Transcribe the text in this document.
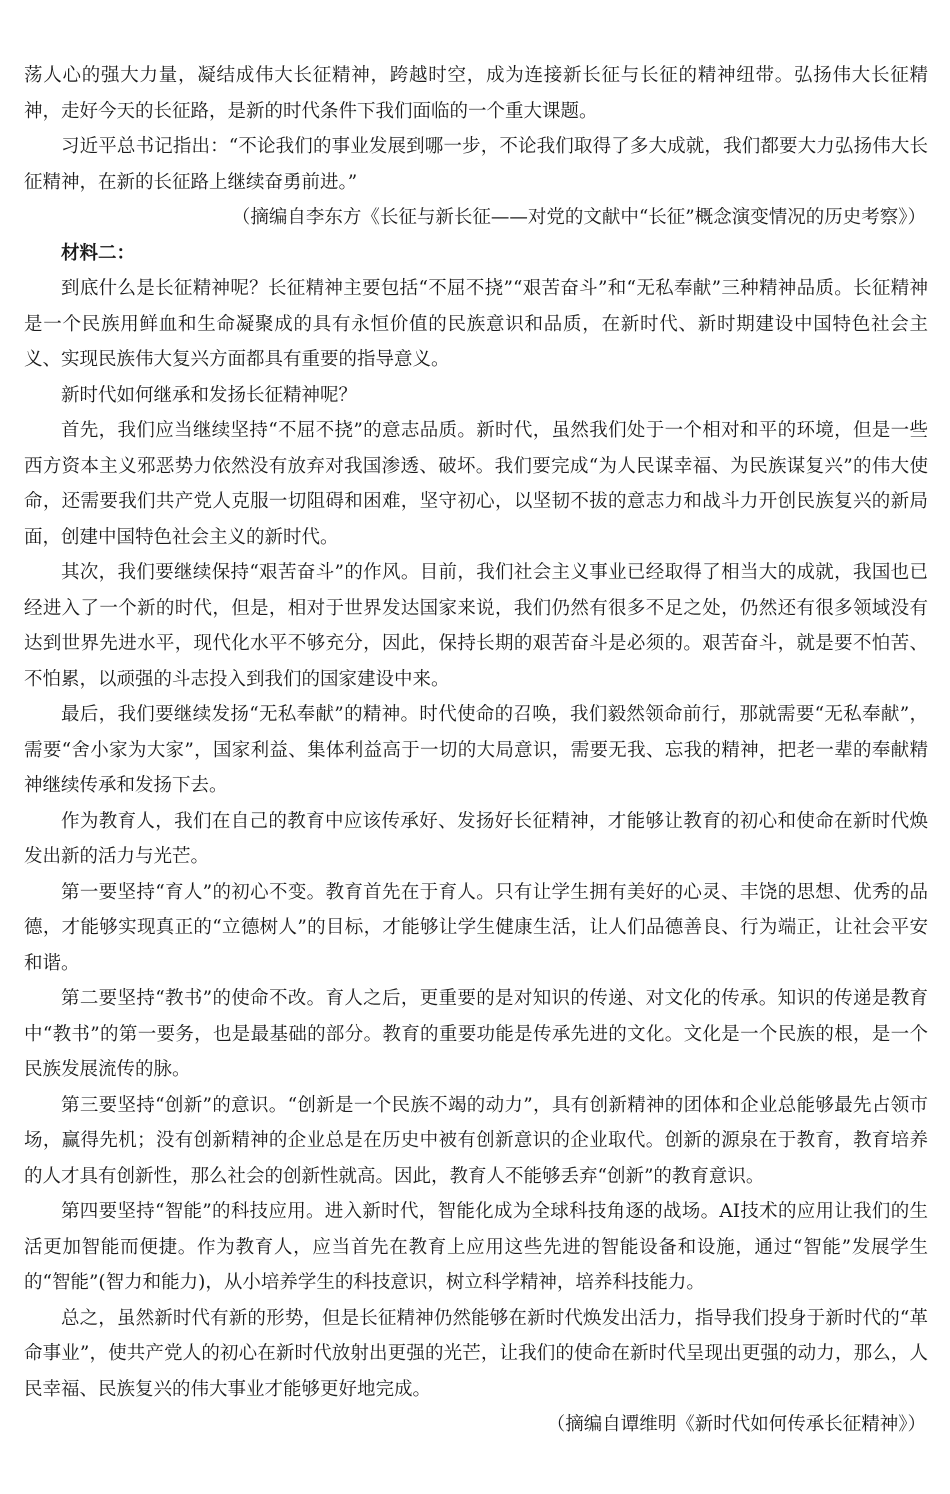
荡人心的强大力量，凝结成伟大长征精神，跨越时空，成为连接新长征与长征的精神纽带。弘扬伟大长征精神，走好今天的长征路，是新的时代条件下我们面临的一个重大课题。

习近平总书记指出：“不论我们的事业发展到哪一步，不论我们取得了多大成就，我们都要大力弘扬伟大长征精神，在新的长征路上继续奋勇前进。”

（摘编自李东方《长征与新长征——对党的文献中“长征”概念演变情况的历史考察》）

材料二：

到底什么是长征精神呢？长征精神主要包括“不屈不挠”“艰苦奋斗”和“无私奉献”三种精神品质。长征精神是一个民族用鲜血和生命凝聚成的具有永恒价值的民族意识和品质，在新时代、新时期建设中国特色社会主义、实现民族伟大复兴方面都具有重要的指导意义。

新时代如何继承和发扬长征精神呢？

首先，我们应当继续坚持“不屈不挠”的意志品质。新时代，虽然我们处于一个相对和平的环境，但是一些西方资本主义邪恶势力依然没有放弃对我国渗透、破坏。我们要完成“为人民谋幸福、为民族谋复兴”的伟大使命，还需要我们共产党人克服一切阻碍和困难，坚守初心，以坚韧不拔的意志力和战斗力开创民族复兴的新局面，创建中国特色社会主义的新时代。

其次，我们要继续保持“艰苦奋斗”的作风。目前，我们社会主义事业已经取得了相当大的成就，我国也已经进入了一个新的时代，但是，相对于世界发达国家来说，我们仍然有很多不足之处，仍然还有很多领域没有达到世界先进水平，现代化水平不够充分，因此，保持长期的艰苦奋斗是必须的。艰苦奋斗，就是要不怕苦、不怕累，以顽强的斗志投入到我们的国家建设中来。

最后，我们要继续发扬“无私奉献”的精神。时代使命的召唤，我们毅然领命前行，那就需要“无私奉献”，需要“舍小家为大家”，国家利益、集体利益高于一切的大局意识，需要无我、忘我的精神，把老一辈的奉献精神继续传承和发扬下去。

作为教育人，我们在自己的教育中应该传承好、发扬好长征精神，才能够让教育的初心和使命在新时代焕发出新的活力与光芒。

第一要坚持“育人”的初心不变。教育首先在于育人。只有让学生拥有美好的心灵、丰饶的思想、优秀的品德，才能够实现真正的“立德树人”的目标，才能够让学生健康生活，让人们品德善良、行为端正，让社会平安和谐。

第二要坚持“教书”的使命不改。育人之后，更重要的是对知识的传递、对文化的传承。知识的传递是教育中“教书”的第一要务，也是最基础的部分。教育的重要功能是传承先进的文化。文化是一个民族的根，是一个民族发展流传的脉。

第三要坚持“创新”的意识。“创新是一个民族不竭的动力”，具有创新精神的团体和企业总能够最先占领市场，赢得先机；没有创新精神的企业总是在历史中被有创新意识的企业取代。创新的源泉在于教育，教育培养的人才具有创新性，那么社会的创新性就高。因此，教育人不能够丢弃“创新”的教育意识。

第四要坚持“智能”的科技应用。进入新时代，智能化成为全球科技角逐的战场。AI技术的应用让我们的生活更加智能而便捷。作为教育人，应当首先在教育上应用这些先进的智能设备和设施，通过“智能”发展学生的“智能”(智力和能力)，从小培养学生的科技意识，树立科学精神，培养科技能力。

总之，虽然新时代有新的形势，但是长征精神仍然能够在新时代焕发出活力，指导我们投身于新时代的“革命事业”，使共产党人的初心在新时代放射出更强的光芒，让我们的使命在新时代呈现出更强的动力，那么，人民幸福、民族复兴的伟大事业才能够更好地完成。

（摘编自谭维明《新时代如何传承长征精神》）
